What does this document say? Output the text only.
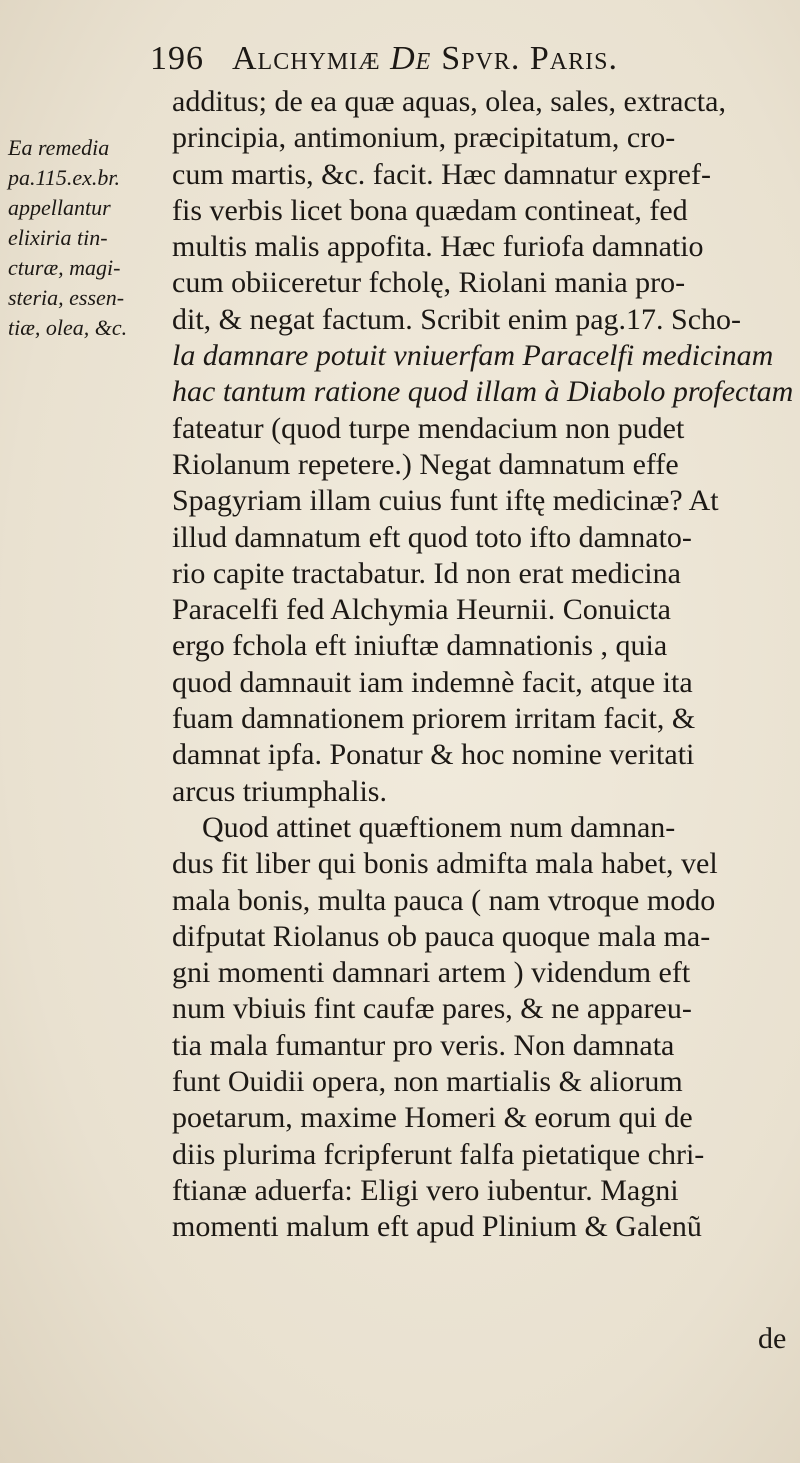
196 Alchymiæ De Spvr. Paris.
Ea remedia
pa.115.ex.br.
appellantur
elixiria tin-
cturæ, magi-
steria, essen-
tiæ, olea, &c.
additus; de ea quæ aquas, olea, sales, extracta,
principia, antimonium, præcipitatum, cro-
cum martis, &c. facit. Hæc damnatur expref-
fis verbis licet bona quædam contineat, fed
multis malis appofita. Hæc furiofa damnatio
cum obiiceretur fcholę, Riolani mania pro-
dit, & negat factum. Scribit enim pag.17. Scho-
la damnare potuit vniuerfam Paracelfi medicinam
hac tantum ratione quod illam à Diabolo profectam
fateatur (quod turpe mendacium non pudet
Riolanum repetere.) Negat damnatum effe
Spagyriam illam cuius funt iftę medicinæ? At
illud damnatum eft quod toto ifto damnato-
rio capite tractabatur. Id non erat medicina
Paracelfi fed Alchymia Heurnii. Conuicta
ergo fchola eft iniuftæ damnationis , quia
quod damnauit iam indemnè facit, atque ita
fuam damnationem priorem irritam facit, &
damnat ipfa. Ponatur & hoc nomine veritati
arcus triumphalis.
Quod attinet quæftionem num damnan-
dus fit liber qui bonis admifta mala habet, vel
mala bonis, multa pauca ( nam vtroque modo
difputat Riolanus ob pauca quoque mala ma-
gni momenti damnari artem ) videndum eft
num vbiuis fint caufæ pares, & ne appareu-
tia mala fumantur pro veris. Non damnata
funt Ouidii opera, non martialis & aliorum
poetarum, maxime Homeri & eorum qui de
diis plurima fcripferunt falfa pietatique chri-
ftianæ aduerfa: Eligi vero iubentur. Magni
momenti malum eft apud Plinium & Galenũ
de
